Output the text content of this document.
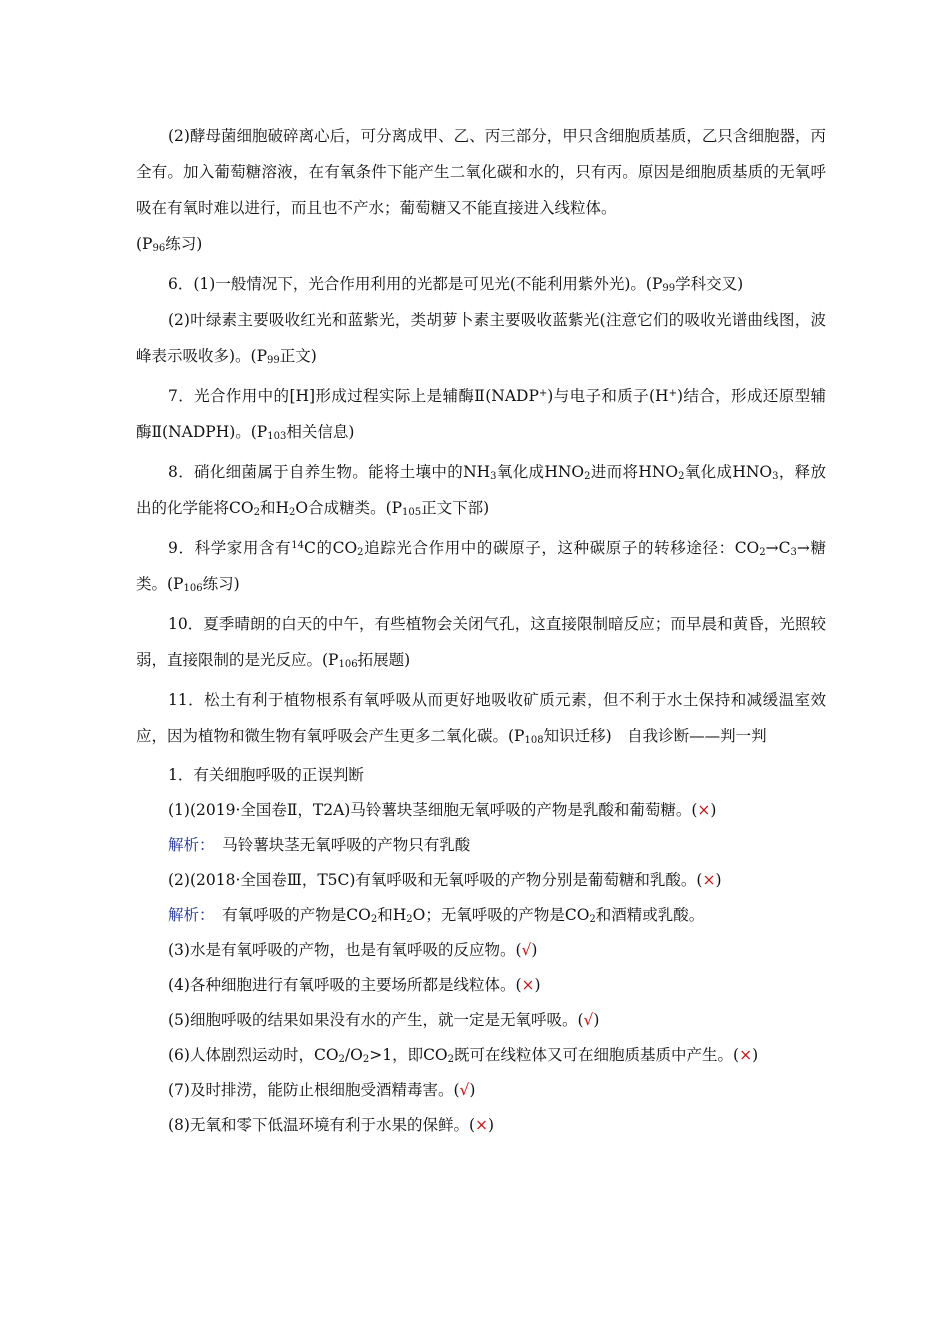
(2)酵母菌细胞破碎离心后，可分离成甲、乙、丙三部分，甲只含细胞质基质，乙只含细胞器，丙全有。加入葡萄糖溶液，在有氧条件下能产生二氧化碳和水的，只有丙。原因是细胞质基质的无氧呼吸在有氧时难以进行，而且也不产水；葡萄糖又不能直接进入线粒体。
($P_{96}$练习)

6．(1)一般情况下，光合作用利用的光都是可见光(不能利用紫外光)。($P_{99}$学科交叉)

(2)叶绿素主要吸收红光和蓝紫光，类胡萝卜素主要吸收蓝紫光(注意它们的吸收光谱曲线图，波峰表示吸收多)。($P_{99}$正文)

7．光合作用中的[H]形成过程实际上是辅酶Ⅱ(NADP+)与电子和质子(H+)结合，形成还原型辅酶Ⅱ(NADPH)。($P_{103}$相关信息)

8．硝化细菌属于自养生物。能将土壤中的$NH_3$氧化成$HNO_2$进而将$HNO_2$氧化成$HNO_3$，释放出的化学能将$CO_2$和$H_2O$合成糖类。($P_{105}$正文下部)

9．科学家用含有$^{14}$C的$CO_2$追踪光合作用中的碳原子，这种碳原子的转移途径：$CO_2\to C_3\to$糖类。($P_{106}$练习)

10．夏季晴朗的白天的中午，有些植物会关闭气孔，这直接限制暗反应；而早晨和黄昏，光照较弱，直接限制的是光反应。($P_{106}$拓展题)

11．松土有利于植物根系有氧呼吸从而更好地吸收矿质元素，但不利于水土保持和减缓温室效应，因为植物和微生物有氧呼吸会产生更多二氧化碳。($P_{108}$知识迁移)　自我诊断——判一判

1．有关细胞呼吸的正误判断

(1)(2019·全国卷Ⅱ，T2A)马铃薯块茎细胞无氧呼吸的产物是乳酸和葡萄糖。(×)

解析：　马铃薯块茎无氧呼吸的产物只有乳酸

(2)(2018·全国卷Ⅲ，T5C)有氧呼吸和无氧呼吸的产物分别是葡萄糖和乳酸。(×)

解析：　有氧呼吸的产物是$CO_2$和$H_2O$；无氧呼吸的产物是$CO_2$和酒精或乳酸。

(3)水是有氧呼吸的产物，也是有氧呼吸的反应物。(√)

(4)各种细胞进行有氧呼吸的主要场所都是线粒体。(×)

(5)细胞呼吸的结果如果没有水的产生，就一定是无氧呼吸。(√)

(6)人体剧烈运动时，$CO_2/O_2>1$，即$CO_2$既可在线粒体又可在细胞质基质中产生。(×)

(7)及时排涝，能防止根细胞受酒精毒害。(√)

(8)无氧和零下低温环境有利于水果的保鲜。(×)
